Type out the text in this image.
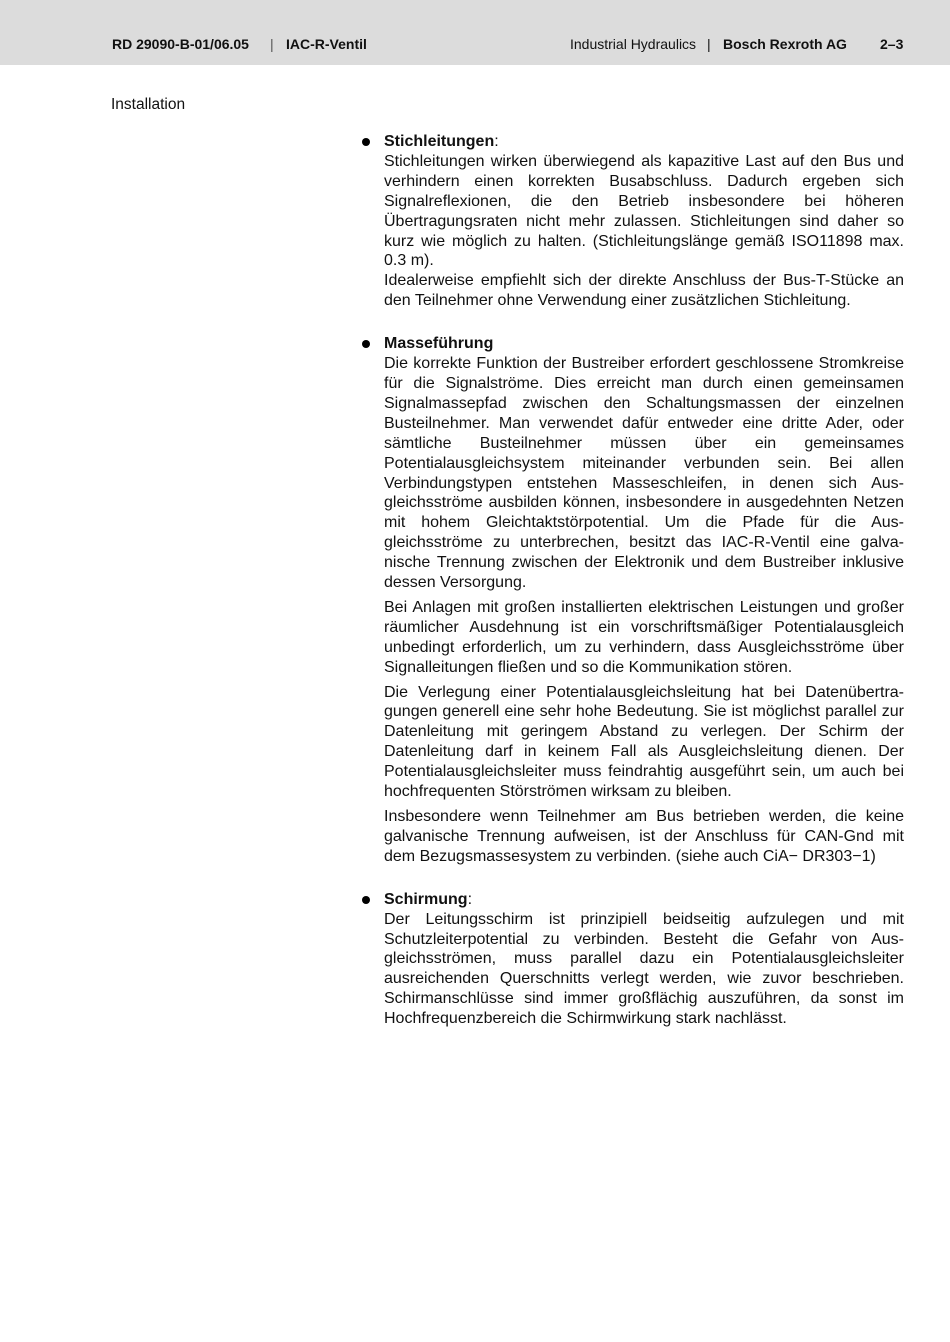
RD 29090-B-01/06.05 | IAC-R-Ventil	Industrial Hydraulics | Bosch Rexroth AG 2–3
Installation
Stichleitungen:

Stichleitungen wirken überwiegend als kapazitive Last auf den Bus und verhindern einen korrekten Busabschluss. Dadurch ergeben sich Signalreflexionen, die den Betrieb insbesondere bei höheren Übertragungsraten nicht mehr zulassen. Stichleitungen sind daher so kurz wie möglich zu halten. (Stichleitungslänge gemäß ISO11898 max. 0.3 m).

Idealerweise empfiehlt sich der direkte Anschluss der Bus-T-Stücke an den Teilnehmer ohne Verwendung einer zusätzlichen Stichleitung.

Masseführung

Die korrekte Funktion der Bustreiber erfordert geschlossene Stromkreise für die Signalströme. Dies erreicht man durch einen gemeinsamen Signalmassepfad zwischen den Schaltungsmassen der einzelnen Busteilnehmer. Man verwendet dafür entweder eine dritte Ader, oder sämtliche Busteilnehmer müssen über ein gemeinsames Potentialausgleichsystem miteinander verbunden sein. Bei allen Verbindungstypen entstehen Masseschleifen, in denen sich Ausgleichsströme ausbilden können, insbesondere in ausgedehnten Netzen mit hohem Gleichtaktstörpotential. Um die Pfade für die Ausgleichsströme zu unterbrechen, besitzt das IAC-R-Ventil eine galvanische Trennung zwischen der Elektronik und dem Bustreiber inklusive dessen Versorgung.

Bei Anlagen mit großen installierten elektrischen Leistungen und großer räumlicher Ausdehnung ist ein vorschriftsmäßiger Potentialausgleich unbedingt erforderlich, um zu verhindern, dass Ausgleichsströme über Signalleitungen fließen und so die Kommunikation stören.

Die Verlegung einer Potentialausgleichsleitung hat bei Datenübertragungen generell eine sehr hohe Bedeutung. Sie ist möglichst parallel zur Datenleitung mit geringem Abstand zu verlegen. Der Schirm der Datenleitung darf in keinem Fall als Ausgleichsleitung dienen. Der Potentialausgleichsleiter muss feindrahtig ausgeführt sein, um auch bei hochfrequenten Störströmen wirksam zu bleiben.

Insbesondere wenn Teilnehmer am Bus betrieben werden, die keine galvanische Trennung aufweisen, ist der Anschluss für CAN-Gnd mit dem Bezugsmassesystem zu verbinden. (siehe auch CiA− DR303−1)

Schirmung:

Der Leitungsschirm ist prinzipiell beidseitig aufzulegen und mit Schutzleiterpotential zu verbinden. Besteht die Gefahr von Ausgleichsströmen, muss parallel dazu ein Potentialausgleichsleiter ausreichenden Querschnitts verlegt werden, wie zuvor beschrieben. Schirmanschlüsse sind immer großflächig auszuführen, da sonst im Hochfrequenzbereich die Schirmwirkung stark nachlässt.
